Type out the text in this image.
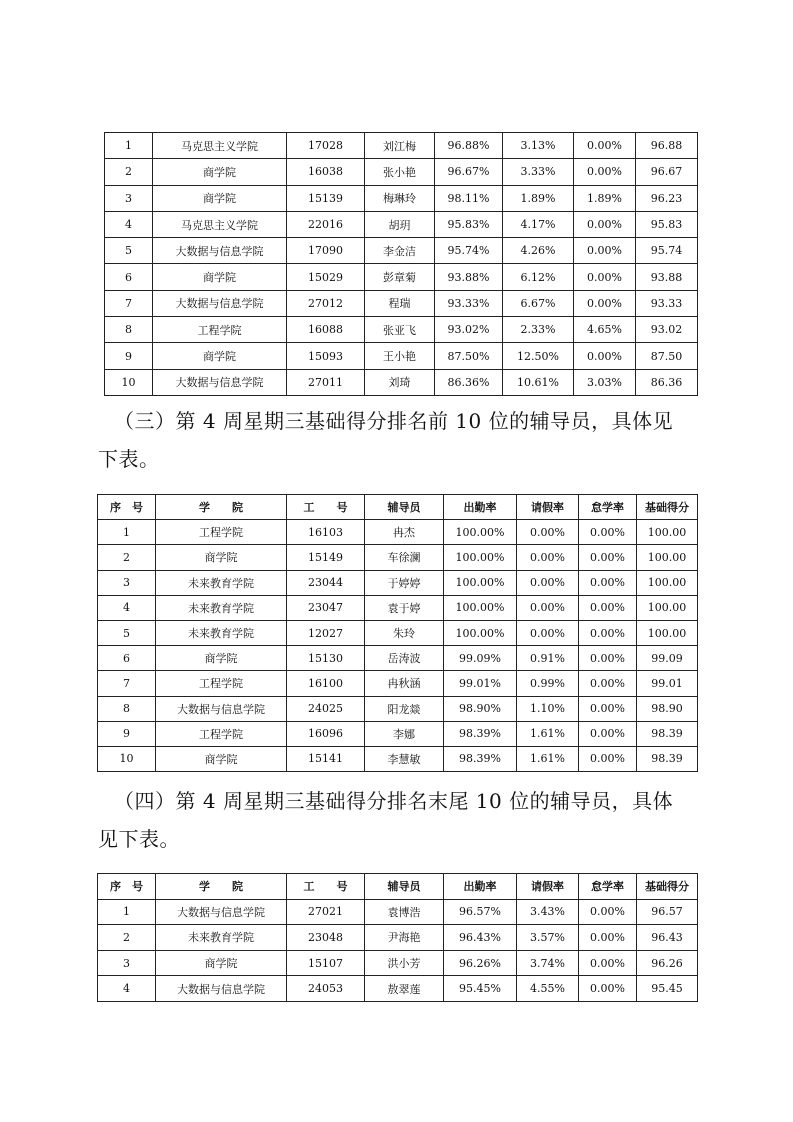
1	马克思主义学院	17028	刘江梅	96.88%	3.13%	0.00%	96.88
2	商学院	16038	张小艳	96.67%	3.33%	0.00%	96.67
3	商学院	15139	梅琳玲	98.11%	1.89%	1.89%	96.23
4	马克思主义学院	22016	胡玥	95.83%	4.17%	0.00%	95.83
5	大数据与信息学院	17090	李金洁	95.74%	4.26%	0.00%	95.74
6	商学院	15029	彭章菊	93.88%	6.12%	0.00%	93.88
7	大数据与信息学院	27012	程瑞	93.33%	6.67%	0.00%	93.33
8	工程学院	16088	张亚飞	93.02%	2.33%	4.65%	93.02
9	商学院	15093	王小艳	87.50%	12.50%	0.00%	87.50
10	大数据与信息学院	27011	刘琦	86.36%	10.61%	3.03%	86.36
（三）第 4 周星期三基础得分排名前 10 位的辅导员，具体见
下表。
序　号	学　　院	工　　号	辅导员	出勤率	请假率	怠学率	基础得分
1	工程学院	16103	冉杰	100.00%	0.00%	0.00%	100.00
2	商学院	15149	车徐澜	100.00%	0.00%	0.00%	100.00
3	未来教育学院	23044	于婷婷	100.00%	0.00%	0.00%	100.00
4	未来教育学院	23047	袁于婷	100.00%	0.00%	0.00%	100.00
5	未来教育学院	12027	朱玲	100.00%	0.00%	0.00%	100.00
6	商学院	15130	岳涛波	99.09%	0.91%	0.00%	99.09
7	工程学院	16100	冉秋涵	99.01%	0.99%	0.00%	99.01
8	大数据与信息学院	24025	阳龙燚	98.90%	1.10%	0.00%	98.90
9	工程学院	16096	李娜	98.39%	1.61%	0.00%	98.39
10	商学院	15141	李慧敏	98.39%	1.61%	0.00%	98.39
（四）第 4 周星期三基础得分排名末尾 10 位的辅导员，具体
见下表。
序　号	学　　院	工　　号	辅导员	出勤率	请假率	怠学率	基础得分
1	大数据与信息学院	27021	袁博浩	96.57%	3.43%	0.00%	96.57
2	未来教育学院	23048	尹海艳	96.43%	3.57%	0.00%	96.43
3	商学院	15107	洪小芳	96.26%	3.74%	0.00%	96.26
4	大数据与信息学院	24053	敖翠莲	95.45%	4.55%	0.00%	95.45
